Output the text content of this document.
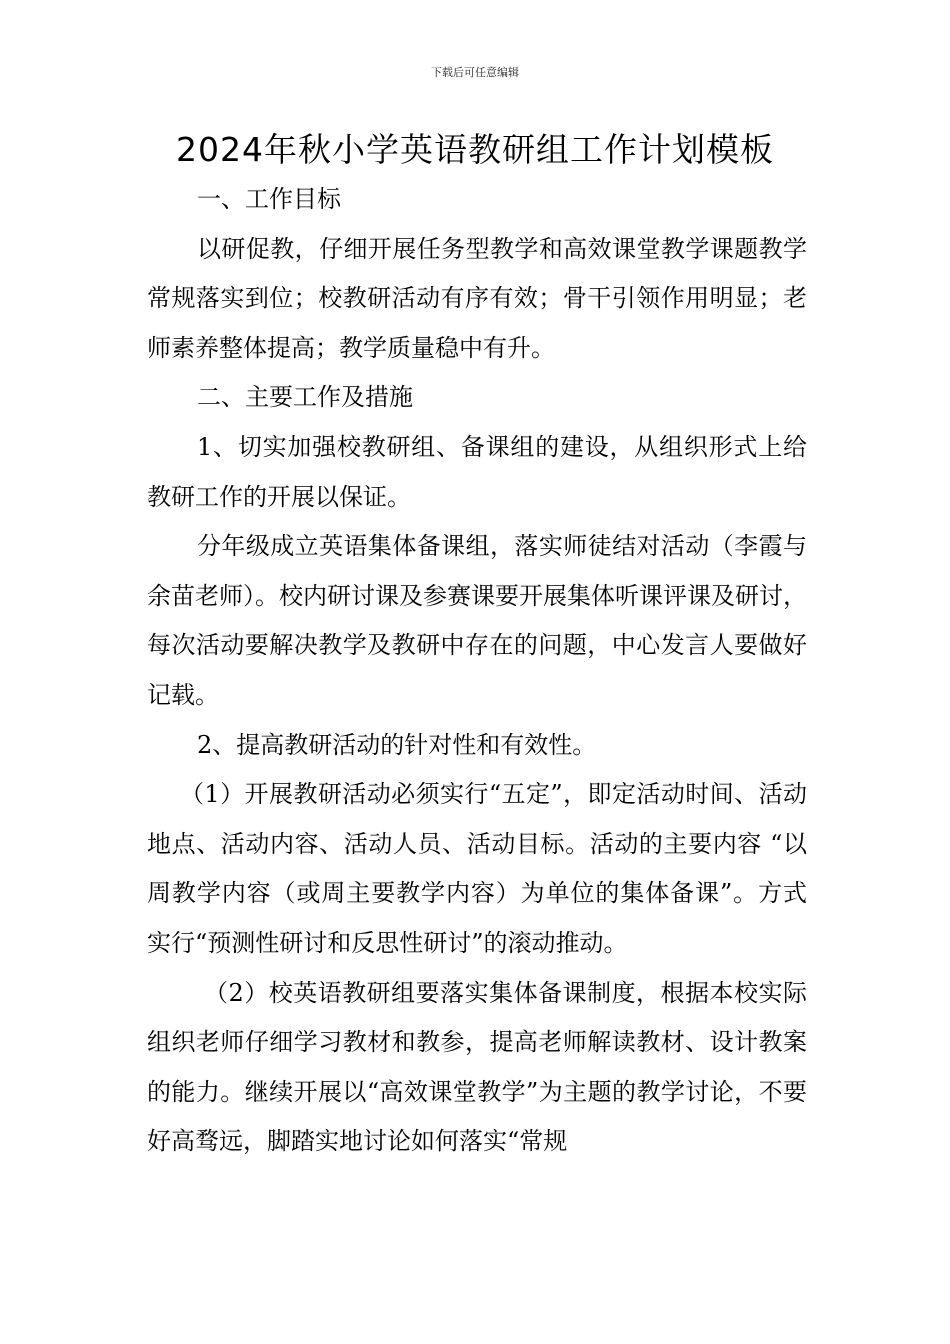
下载后可任意编辑
2024年秋小学英语教研组工作计划模板

一、工作目标

以研促教，仔细开展任务型教学和高效课堂教学课题教学常规落实到位；校教研活动有序有效；骨干引领作用明显；老师素养整体提高；教学质量稳中有升。

二、主要工作及措施

1、切实加强校教研组、备课组的建设，从组织形式上给教研工作的开展以保证。

分年级成立英语集体备课组，落实师徒结对活动（李霞与余苗老师）。校内研讨课及参赛课要开展集体听课评课及研讨，每次活动要解决教学及教研中存在的问题，中心发言人要做好记载。

2、提高教研活动的针对性和有效性。

（1）开展教研活动必须实行“五定”，即定活动时间、活动地点、活动内容、活动人员、活动目标。活动的主要内容 “以周教学内容（或周主要教学内容）为单位的集体备课”。方式实行“预测性研讨和反思性研讨”的滚动推动。

（2）校英语教研组要落实集体备课制度，根据本校实际组织老师仔细学习教材和教参，提高老师解读教材、设计教案的能力。继续开展以“高效课堂教学”为主题的教学讨论，不要好高骛远，脚踏实地讨论如何落实“常规
